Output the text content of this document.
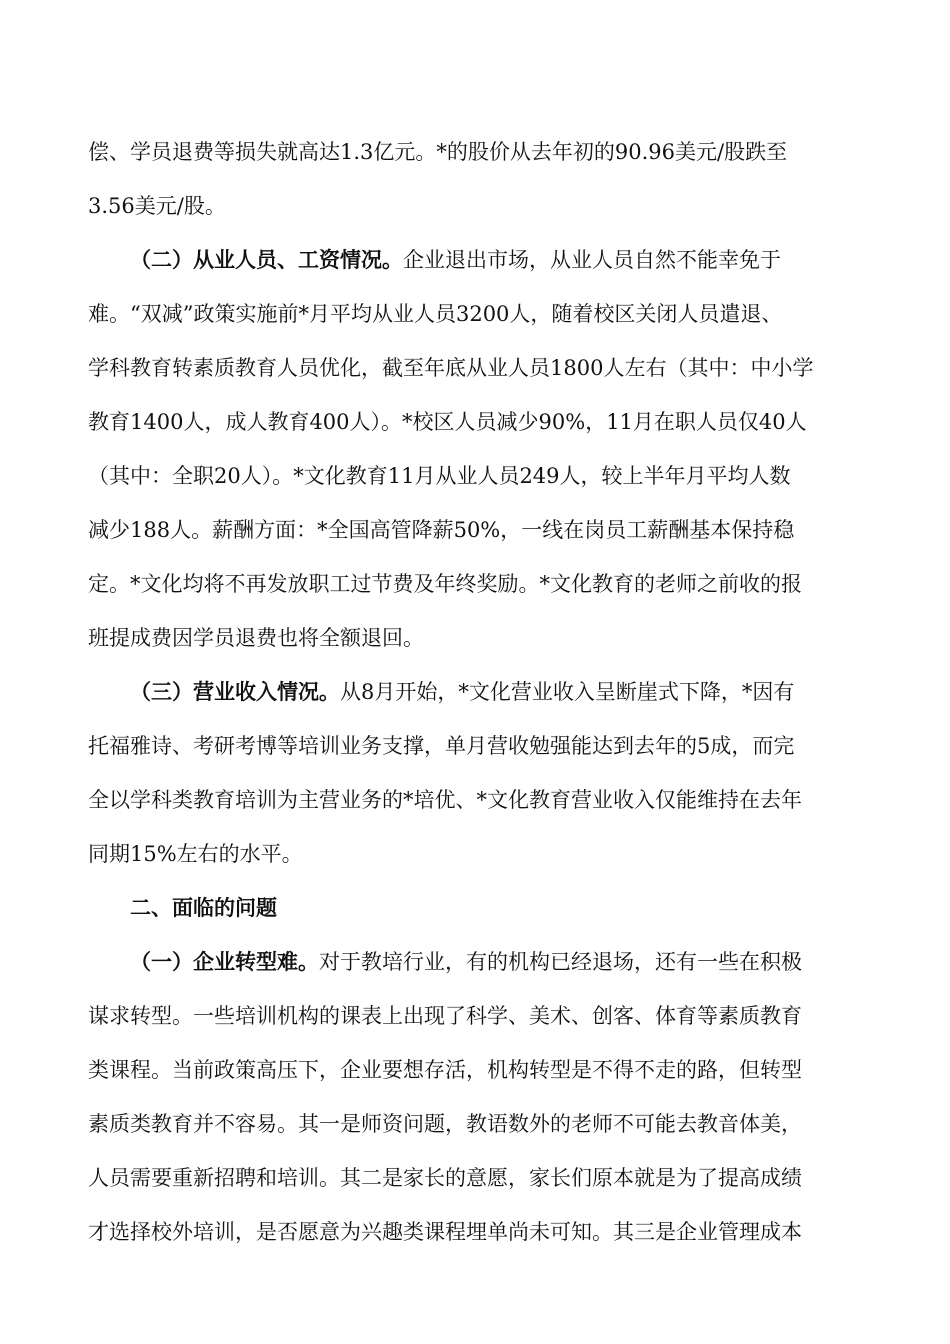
偿、学员退费等损失就高达1.3亿元。*的股价从去年初的90.96美元/股跌至
3.56美元/股。
（二）从业人员、工资情况。企业退出市场，从业人员自然不能幸免于
难。“双减”政策实施前*月平均从业人员3200人，随着校区关闭人员遣退、
学科教育转素质教育人员优化，截至年底从业人员1800人左右（其中：中小学
教育1400人，成人教育400人）。*校区人员减少90%，11月在职人员仅40人
（其中：全职20人）。*文化教育11月从业人员249人，较上半年月平均人数
减少188人。薪酬方面：*全国高管降薪50%，一线在岗员工薪酬基本保持稳
定。*文化均将不再发放职工过节费及年终奖励。*文化教育的老师之前收的报
班提成费因学员退费也将全额退回。
（三）营业收入情况。从8月开始，*文化营业收入呈断崖式下降，*因有
托福雅诗、考研考博等培训业务支撑，单月营收勉强能达到去年的5成，而完
全以学科类教育培训为主营业务的*培优、*文化教育营业收入仅能维持在去年
同期15%左右的水平。
二、面临的问题
（一）企业转型难。对于教培行业，有的机构已经退场，还有一些在积极
谋求转型。一些培训机构的课表上出现了科学、美术、创客、体育等素质教育
类课程。当前政策高压下，企业要想存活，机构转型是不得不走的路，但转型
素质类教育并不容易。其一是师资问题，教语数外的老师不可能去教音体美，
人员需要重新招聘和培训。其二是家长的意愿，家长们原本就是为了提高成绩
才选择校外培训，是否愿意为兴趣类课程埋单尚未可知。其三是企业管理成本
